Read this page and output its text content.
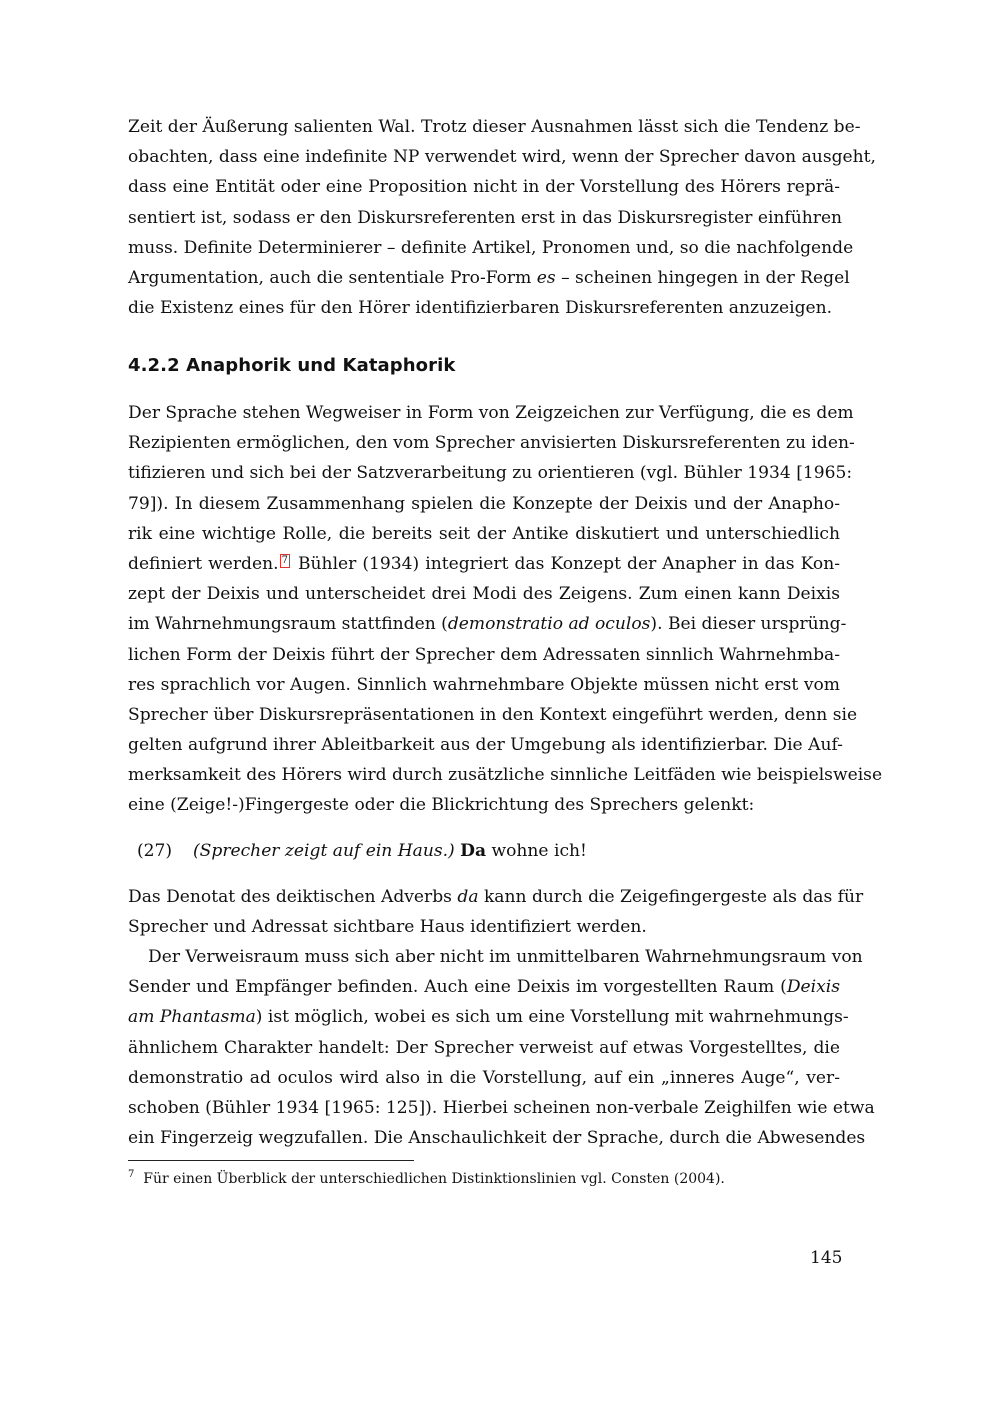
Zeit der Äußerung salienten Wal. Trotz dieser Ausnahmen lässt sich die Tendenz be-
obachten, dass eine indefinite NP verwendet wird, wenn der Sprecher davon ausgeht,
dass eine Entität oder eine Proposition nicht in der Vorstellung des Hörers reprä-
sentiert ist, sodass er den Diskursreferenten erst in das Diskursregister einführen
muss. Definite Determinierer – definite Artikel, Pronomen und, so die nachfolgende
Argumentation, auch die sententiale Pro-Form es – scheinen hingegen in der Regel
die Existenz eines für den Hörer identifizierbaren Diskursreferenten anzuzeigen.
4.2.2 Anaphorik und Kataphorik
Der Sprache stehen Wegweiser in Form von Zeigzeichen zur Verfügung, die es dem
Rezipienten ermöglichen, den vom Sprecher anvisierten Diskursreferenten zu iden-
tifizieren und sich bei der Satzverarbeitung zu orientieren (vgl. Bühler 1934 [1965:
79]). In diesem Zusammenhang spielen die Konzepte der Deixis und der Anapho-
rik eine wichtige Rolle, die bereits seit der Antike diskutiert und unterschiedlich
definiert werden. 7 Bühler (1934) integriert das Konzept der Anapher in das Kon-
zept der Deixis und unterscheidet drei Modi des Zeigens. Zum einen kann Deixis
im Wahrnehmungsraum stattfinden (demonstratio ad oculos). Bei dieser ursprüng-
lichen Form der Deixis führt der Sprecher dem Adressaten sinnlich Wahrnehmba-
res sprachlich vor Augen. Sinnlich wahrnehmbare Objekte müssen nicht erst vom
Sprecher über Diskursrepräsentationen in den Kontext eingeführt werden, denn sie
gelten aufgrund ihrer Ableitbarkeit aus der Umgebung als identifizierbar. Die Auf-
merksamkeit des Hörers wird durch zusätzliche sinnliche Leitfäden wie beispielsweise
eine (Zeige!-)Fingergeste oder die Blickrichtung des Sprechers gelenkt:
(27) (Sprecher zeigt auf ein Haus.) Da wohne ich!
Das Denotat des deiktischen Adverbs da kann durch die Zeigefingergeste als das für
Sprecher und Adressat sichtbare Haus identifiziert werden.
Der Verweisraum muss sich aber nicht im unmittelbaren Wahrnehmungsraum von
Sender und Empfänger befinden. Auch eine Deixis im vorgestellten Raum (Deixis
am Phantasma) ist möglich, wobei es sich um eine Vorstellung mit wahrnehmungs-
ähnlichem Charakter handelt: Der Sprecher verweist auf etwas Vorgestelltes, die
demonstratio ad oculos wird also in die Vorstellung, auf ein „inneres Auge“, ver-
schoben (Bühler 1934 [1965: 125]). Hierbei scheinen non-verbale Zeighilfen wie etwa
ein Fingerzeig wegzufallen. Die Anschaulichkeit der Sprache, durch die Abwesendes
$^7$ Für einen Überblick der unterschiedlichen Distinktionslinien vgl. Consten (2004).
145
